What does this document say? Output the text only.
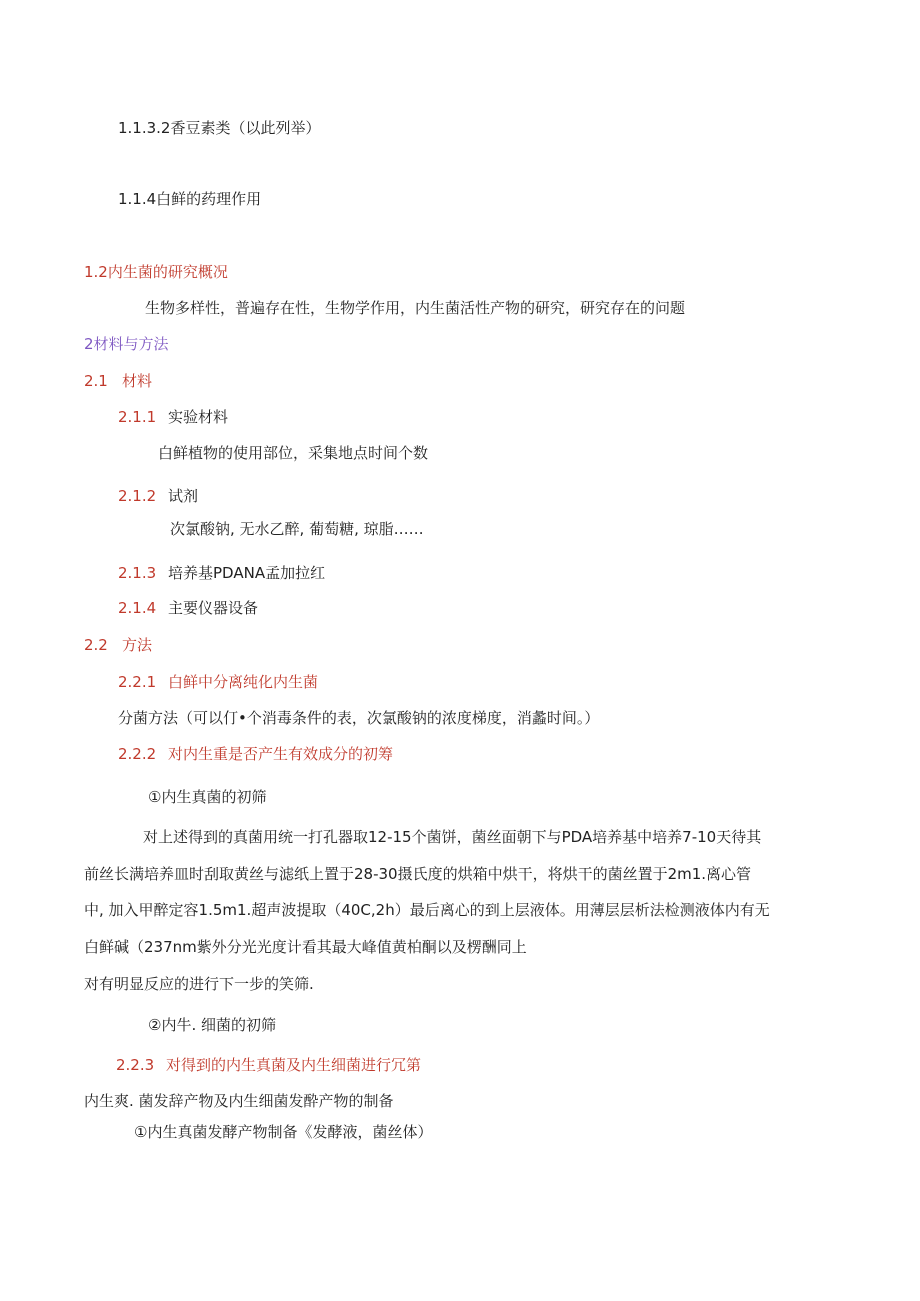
1.1.3.2香豆素类（以此列举）
1.1.4白鲜的药理作用
1.2内生菌的研究概况
生物多样性，普遍存在性，生物学作用，内生菌活性产物的研究，研究存在的问题
2材料与方法
2.1 材料
2.1.1 实验材料
白鲜植物的使用部位，采集地点时间个数
2.1.2 试剂
次氯酸钠, 无水乙醉, 葡萄糖, 琼脂……
2.1.3 培养基PDANA孟加拉红
2.1.4 主要仪器设备
2.2 方法
2.2.1 白鲜中分离纯化内生菌
分菌方法（可以仃•个消毒条件的表，次氯酸钠的浓度梯度，消蠡时间。）
2.2.2 对内生重是否产生有效成分的初筹
①内生真菌的初筛
对上述得到的真菌用统一打孔器取12-15个菌饼，菌丝面朝下与PDA培养基中培养7-10天待其
前丝长满培养皿时刮取黄丝与滤纸上置于28-30摄氏度的烘箱中烘干，将烘干的菌丝置于2m1.离心管
中, 加入甲醉定容1.5m1.超声波提取（40C,2h）最后离心的到上层液体。用薄层层析法检测液体内有无
白鲜碱（237nm紫外分光光度计看其最大峰值黄柏酮以及楞酬同上
对有明显反应的进行下一步的笑筛.
②内牛. 细菌的初筛
2.2.3 对得到的内生真菌及内生细菌进行冗第
内生爽. 菌发辞产物及内生细菌发酔产物的制备
①内生真菌发酵产物制备《发酵液，菌丝体）
